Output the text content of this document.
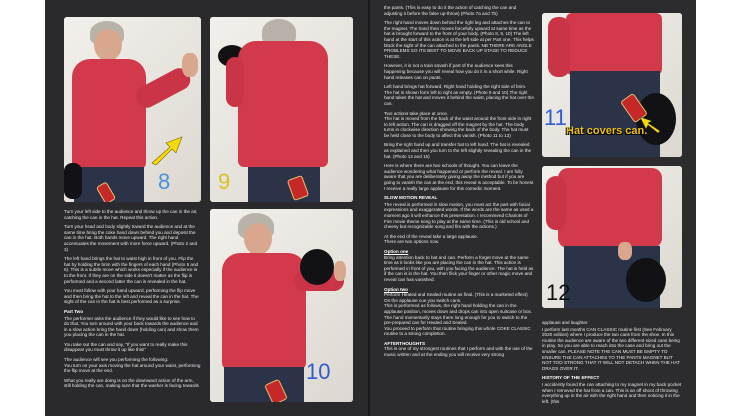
8 9

Turn your left side to the audience and throw up the can in the air, catching the can in the hat. Repeat this action.

Turn your head and body slightly toward the audience and at the same time bring the coke hand down behind you and deposit the can in the hat. Both hands move upward. The right hand accentuates the movement with more force upward. (Photo 2 and 3)

The left hand brings the hat to waist high in front of you. Flip the hat by holding the brim with the fingers of each hand (Photo 5 and 6). This is a subtle move which works especially if the audience is to the front. If they are on the side it doesn't matter as the flip is performed and a second latter the can is revealed in the hat.

You must follow with your hand upward, performing the flip move and then bring the hat to the left and reveal the can in the hat. The sight of the can in the hat is best performed as a surprise.

Part Two

The performer asks the audience if they would like to see how to do that. You turn around with your back towards the audience and in a slow action bring the hand down (holding can) and show them you placing the can in the hat.

You take out the can and say, "If you want to really make this disappear you must throw it up like this!"

The audience will see you performing the following:

You turn on your axis moving the hat around your waist, performing the flip move at the end.

What you really are doing is on the downward action of the arm, still holding the can, making sure that the washer is facing towards

10

the pants. (This is easy to do it the action of catching the can and adjusting it before the false up-throw) (Photo 7a and 7b)

The right hand moves down behind the right leg and attaches the can to the magnet. The hand then moves forcefully upward at same time as the hat is brought forward to the front of your body. (Photo 8, 9, 10) The left hand at the start of this action is at the left side at per Part one. This helps block the sight of the can attached to the pants. NB THERE ARE ANGLE PROBLEMS SO ITS BEST TO MOVE BACK UP STAGE TO REDUCE THESE.

However, it is not a train smash if part of the audience sees this happening because you will reveal how you do it in a short while. Right hand releases can on pants.

Left hand brings hat forward, Right hand holding the right side of brim. The hat is shown form left to right as empty. (Photo 9 and 10) The right hand takes the hat and moves it behind the waist, placing the hat over the can.

Two actions take place at once.

The hat is moved from the back of the waist around the front side in right to left action. The can is dragged off the magnet by the hat. The body turns in clockwise direction showing the back of the body. The hat must be held close to the body to affect this vanish. (Photo 11 to 13)

Bring the right hand up and transfer hat to left hand. The hat is revealed as explained and then you turn to the left slightly revealing the can in the hat. (Photo 14 and 15)

Here is where there are two schools of thought. You can leave the audience wondering what happened or perform the reveal. I am fully aware that you are deliberately giving away the method but if you are going to vanish the can at the end, this reveal is acceptable. To be honest I receive a really large applause for this comedic moment.

SLOW MOTION REVEAL

The reveal is performed in slow motion, you must act the part with facial expressions and exaggerated words. If the words are the same as used a moment ago it will enhance this presentation. I recommend Chariots of Fire movie theme song to play at the same time. (This is old school and cheesy but recognizable song and fits with the actions.)

At the end of the reveal take a large applause.

There are two options now.

Option one

Bring attention back to hat and can. Perform a forget move at the same time as it looks like you are placing the can in the hat. This action is performed in front of you, with you facing the audience. The hat is held as if the can is in the hat. You then flick your finger or other magic move and reveal can has vanished.

Option two

Perform Heated and Sealed routine as final. (This is a marketed effect) On the applause cue you switch cans.

This is performed as follows, the right hand holding the can in the applause position, moves down and drops can into open suitcase or box. The hand momentarily stays there long enough for you to switch to the pre-prepared can for Heated and Sealed.

You proceed to perform that routine bringing this whole COKE CLASSIC routine to a strong completion.

AFTERTHOUGHTS

This is one of my strongest routines that I perform and with the use of the music written and at the ending you will receive very strong

Hat covers can.
11
12

applause and laughter.

I perform last months CAN CLASSIC routine first (See February 2020 edition) where I produce the two cans from the shoe. In this routine the audience are aware of the two different sized cans being in play. So you are able to reach into the case and bring out the smaller can. PLEASE NOTE THE CAN MUST BE EMPTY TO ENSURE THE CAN ATTACHES TO THE PANTS MAGNET BUT NOT TOO STRONG THAT IT WILL NOT DETACH WHEN THE HAT DRAGS OVER IT.

HISTORY OF THE EFFECT

I accidently found the can attaching to my magnet in my back pocket when I removed the hat from a can. This is an off shoot of throwing everything up in the air with the right hand and then noticing it in the left. (this
